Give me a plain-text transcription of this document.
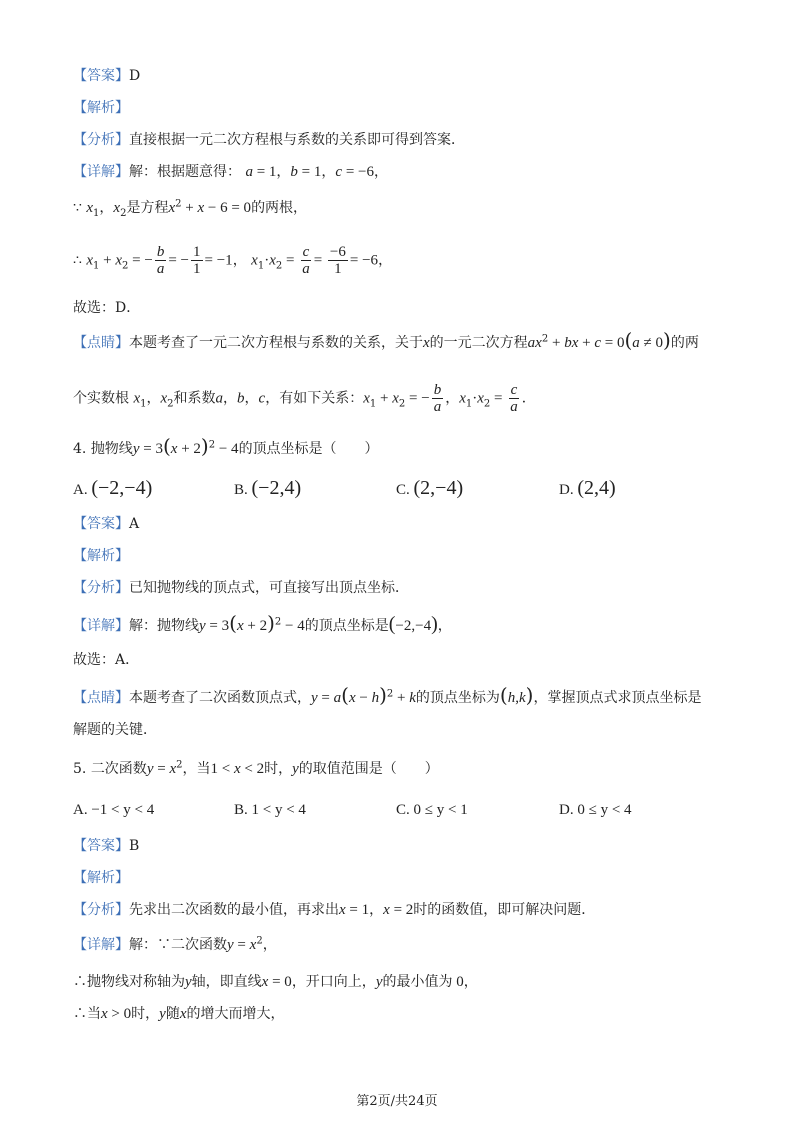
【答案】D
【解析】
【分析】直接根据一元二次方程根与系数的关系即可得到答案．
【详解】解：根据题意得： a = 1，b = 1，c = −6，
∵ $x_1$，$x_2$是方程$x^2 + x - 6 = 0$的两根，
∴ $x_1 + x_2$ = − $\frac{b}{a}$ = − $\frac{1}{1} = -1$， $x_1\cdot x_2 = \frac{c}{a} = \frac{-6}{1} = -6$，
故选：D．
【点睛】本题考查了一元二次方程根与系数的关系，关于x的一元二次方程$ax^2$ + bx + c = 0(a ≠ 0)的两
个实数根 $x_1$，$x_2$和系数a，b，c，有如下关系：$x_1 + x_2$ = − $\frac{b}{a}$ ，$x_1\cdot x_2 = \frac{c}{a}$ ．
4. 抛物线$y = 3(x + 2)^2 - 4$的顶点坐标是（　　）
A. (−2,−4)	B. (−2,4)	C. (2,−4)	D. (2,4)
【答案】A
【解析】
【分析】已知抛物线的顶点式，可直接写出顶点坐标．
【详解】解：抛物线$y = 3(x + 2)^2 - 4$的顶点坐标是(−2,−4)，
故选：A．
【点睛】本题考查了二次函数顶点式，$y = a(x - h)^2 + k$的顶点坐标为(h,k)，掌握顶点式求顶点坐标是
解题的关键．
5. 二次函数$y = x^2$，当1 < x < 2时，y的取值范围是（　　）
A. −1 < y < 4	B. 1 < y < 4	C. 0 ≤ y < 1	D. 0 ≤ y < 4
【答案】B
【解析】
【分析】先求出二次函数的最小值，再求出x = 1，x = 2时的函数值，即可解决问题．
【详解】解：∵二次函数$y = x^2$，
∴抛物线对称轴为y轴，即直线x = 0，开口向上，y的最小值为 0，
∴当x > 0时，y随x的增大而增大，
第2页/共24页
